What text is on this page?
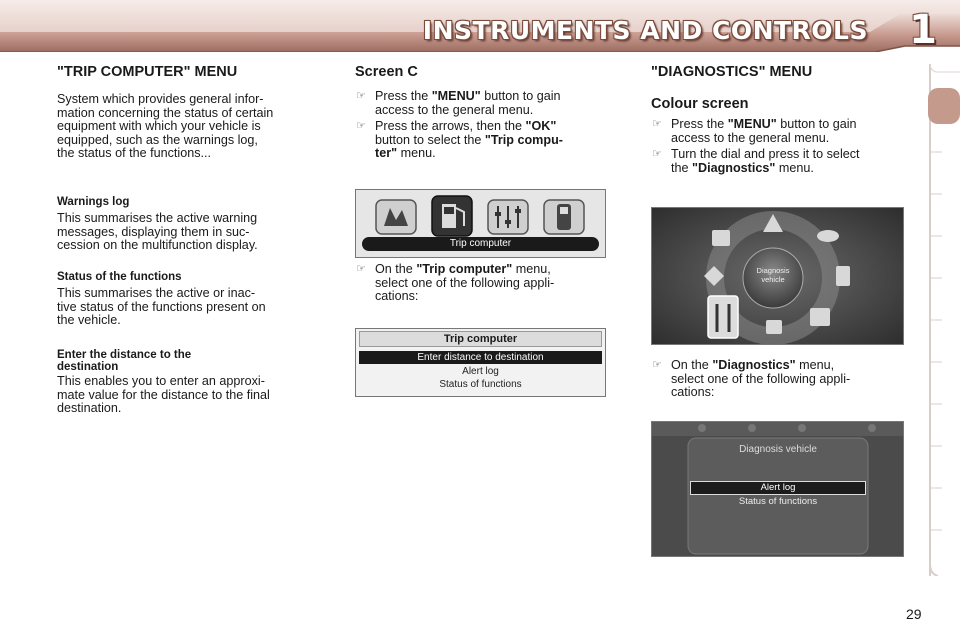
INSTRUMENTS AND CONTROLS 1
"TRIP COMPUTER" MENU
System which provides general infor-
mation concerning the status of certain
equipment with which your vehicle is
equipped, such as the warnings log,
the status of the functions...
Warnings log
This summarises the active warning
messages, displaying them in suc-
cession on the multifunction display.
Status of the functions
This summarises the active or inac-
tive status of the functions present on
the vehicle.
Enter the distance to the
destination
This enables you to enter an approxi-
mate value for the distance to the final
destination.
Screen C
☞ Press the "MENU" button to gain
access to the general menu.
☞ Press the arrows, then the "OK"
button to select the "Trip compu-
ter" menu.
Trip computer
☞ On the "Trip computer" menu,
select one of the following appli-
cations:
Trip computer
Enter distance to destination
Alert log
Status of functions
"DIAGNOSTICS" MENU
Colour screen
☞ Press the "MENU" button to gain
access to the general menu.
☞ Turn the dial and press it to select
the "Diagnostics" menu.
Diagnosis
vehicle
☞ On the "Diagnostics" menu,
select one of the following appli-
cations:
Diagnosis vehicle
Alert log
Status of functions
29
